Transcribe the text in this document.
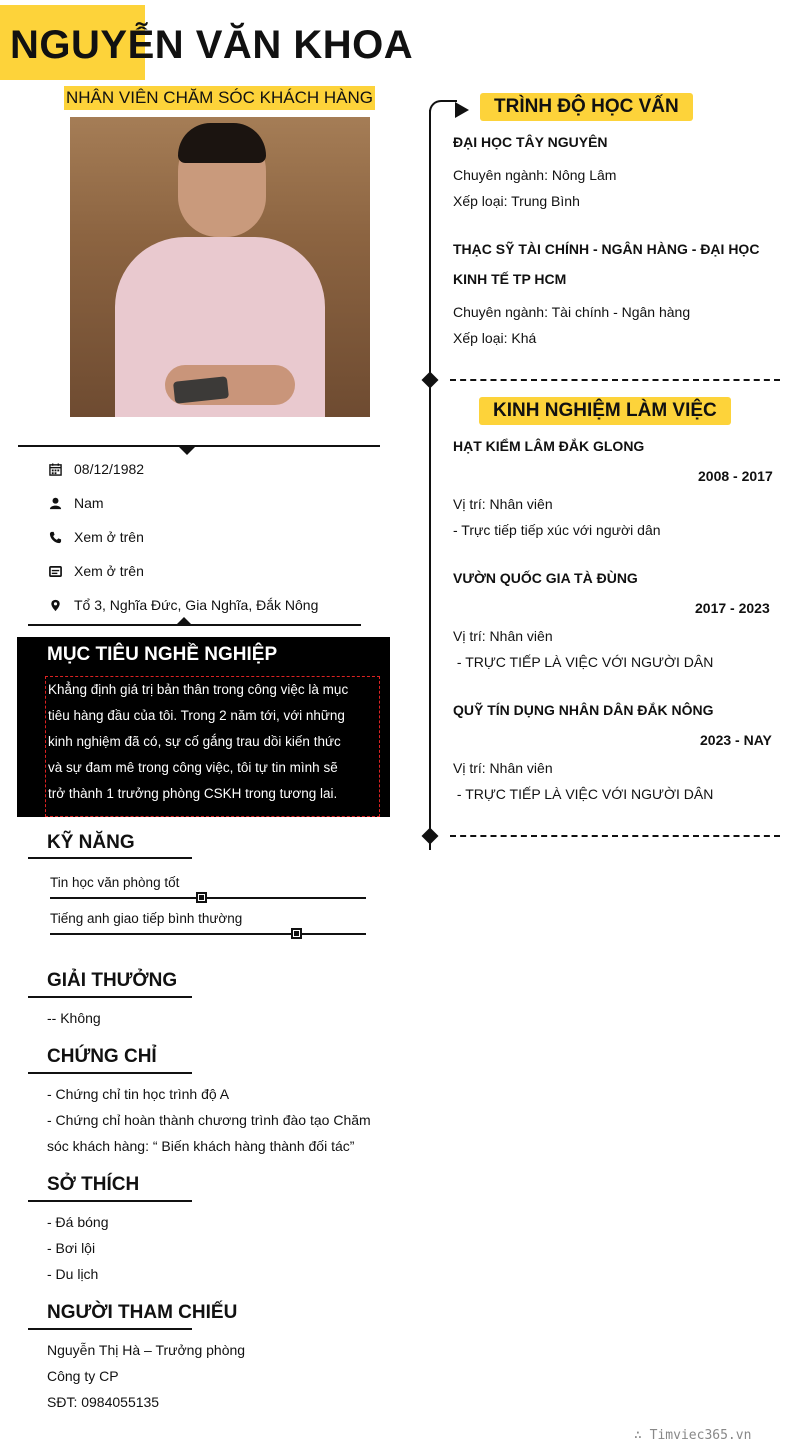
NGUYỄN VĂN KHOA
NHÂN VIÊN CHĂM SÓC KHÁCH HÀNG
08/12/1982
Nam
Xem ở trên
Xem ở trên
Tổ 3, Nghĩa Đức, Gia Nghĩa, Đắk Nông
MỤC TIÊU NGHỀ NGHIỆP
Khẳng định giá trị bản thân trong công việc là mục
tiêu hàng đầu của tôi. Trong 2 năm tới, với những
kinh nghiệm đã có, sự cố gắng trau dồi kiến thức
và sự đam mê trong công việc, tôi tự tin mình sẽ
trở thành 1 trưởng phòng CSKH trong tương lai.
KỸ NĂNG
Tin học văn phòng tốt
Tiếng anh giao tiếp bình thường
GIẢI THƯỞNG
-- Không
CHỨNG CHỈ
- Chứng chỉ tin học trình độ A
- Chứng chỉ hoàn thành chương trình đào tạo Chăm
sóc khách hàng: “ Biến khách hàng thành đối tác”
SỞ THÍCH
- Đá bóng
- Bơi lội
- Du lịch
NGƯỜI THAM CHIẾU
Nguyễn Thị Hà – Trưởng phòng
Công ty CP
SĐT: 0984055135
TRÌNH ĐỘ HỌC VẤN
ĐẠI HỌC TÂY NGUYÊN
Chuyên ngành: Nông Lâm
Xếp loại: Trung Bình
THẠC SỸ TÀI CHÍNH - NGÂN HÀNG - ĐẠI HỌC
KINH TẾ TP HCM
Chuyên ngành: Tài chính - Ngân hàng
Xếp loại: Khá
KINH NGHIỆM LÀM VIỆC
HẠT KIỂM LÂM ĐẮK GLONG
2008 - 2017
Vị trí: Nhân viên
- Trực tiếp tiếp xúc với người dân
VƯỜN QUỐC GIA TÀ ĐÙNG
2017 - 2023
Vị trí: Nhân viên
- TRỰC TIẾP LÀ VIỆC VỚI NGƯỜI DÂN
QUỸ TÍN DỤNG NHÂN DÂN ĐẮK NÔNG
2023 - NAY
Vị trí: Nhân viên
- TRỰC TIẾP LÀ VIỆC VỚI NGƯỜI DÂN
∴ Timviec365.vn
